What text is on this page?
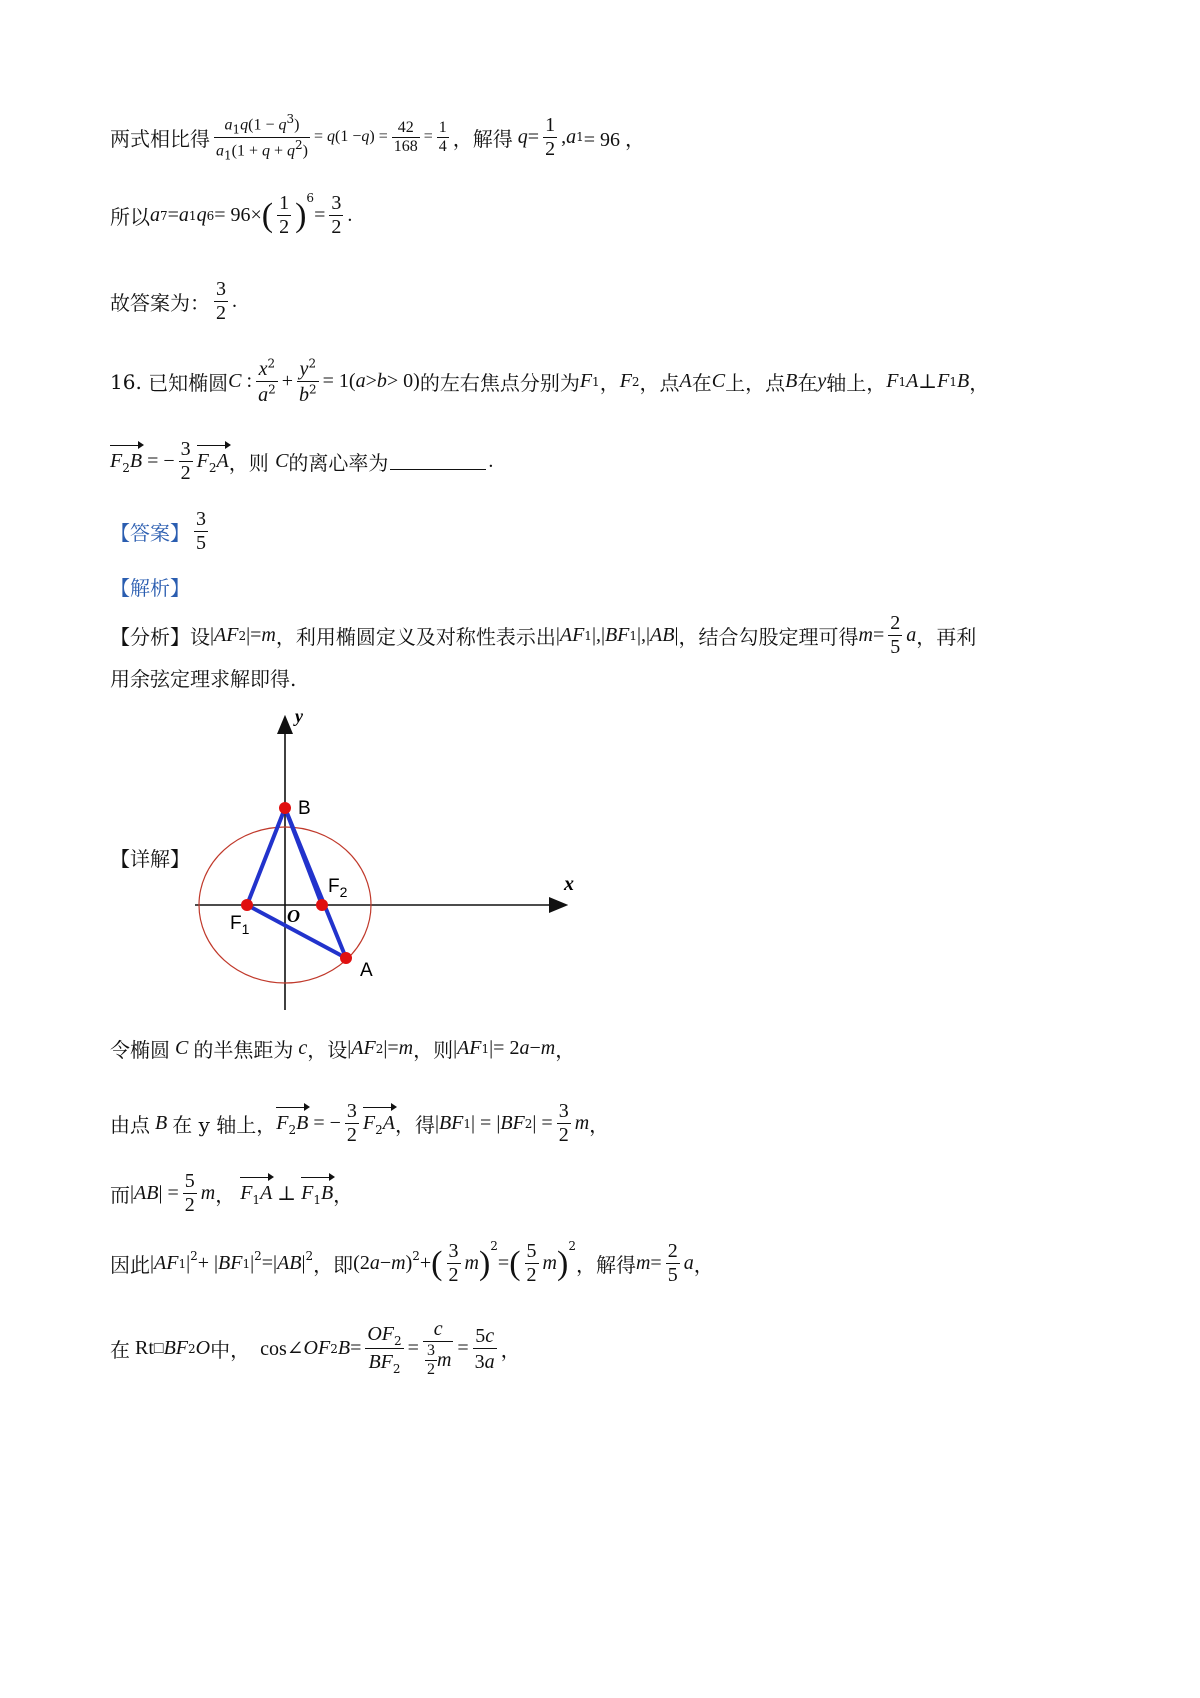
两式相比得 $\frac{a_1q(1 - q^3)}{a_1(1 + q + q^2)} = q$ (1 − q ) = $\frac{42}{168} = \frac{1}{4}$ ，解得 $q = \frac{1}{2}$ , a 1 = 96 ，
所以 a 7 = a 1 q 6 = 96× ( $\frac{1}{2} )^6$
= $\frac{3}{2}$ .
故答案为： $\frac{3}{2}$ .
16.
已知椭圆 C : $\frac{x^2}{a^2} + \frac{y^2}{b^2} = 1$( a > b > 0) 的左右焦点分别为 F 1 ， F 2 ，点 A 在 C 上，点 B 在 y 轴上， F 1 A ⊥ F 1 B ，
$F_2B$ = − $\frac{3}{2} F_2A$ ，则
C 的离心率为	.
【答案】 $\frac{3}{5}$
【解析】
【分析】 设 | AF 2 |= m ，利用椭圆定义及对称性表示出 | AF 1 |,| BF 1 |,| AB | ，结合勾股定理可得 $m = \frac{2}{5}$ a ，再利
用余弦定理求解即得.
【详解】
y
x
B
A
O
$F_1$
$F_2$
令椭圆 C 的半焦距为 c ，设 | AF 2 |= m ，则 | AF 1 |= 2 a − m ，
由点 B 在 y 轴上， $F_2B$ = − $\frac{3}{2} F_2A$ ，得 | BF 1 | = | BF 2 | = $\frac{3}{2}$ m ，
而 | AB | = $\frac{5}{2}$ m ， $F_1A$ ⊥ $F_1B$ ，
因此 | AF 1 $|^2$ + | BF 1 $|^2$ =| AB $|^2$ ，即 (2 a − m )$^2$ + ( $\frac{3}{2}$ m )$^2$
= ( $\frac{5}{2}$ m )$^2$
，解得 $m = \frac{2}{5}$ a ，
在 Rt □ BF 2 O 中， cos∠ OF 2 $B = \frac{OF_2}{BF_2} = \frac{c}{\frac{3}{2} m} = \frac{5c}{3a}$ ，
